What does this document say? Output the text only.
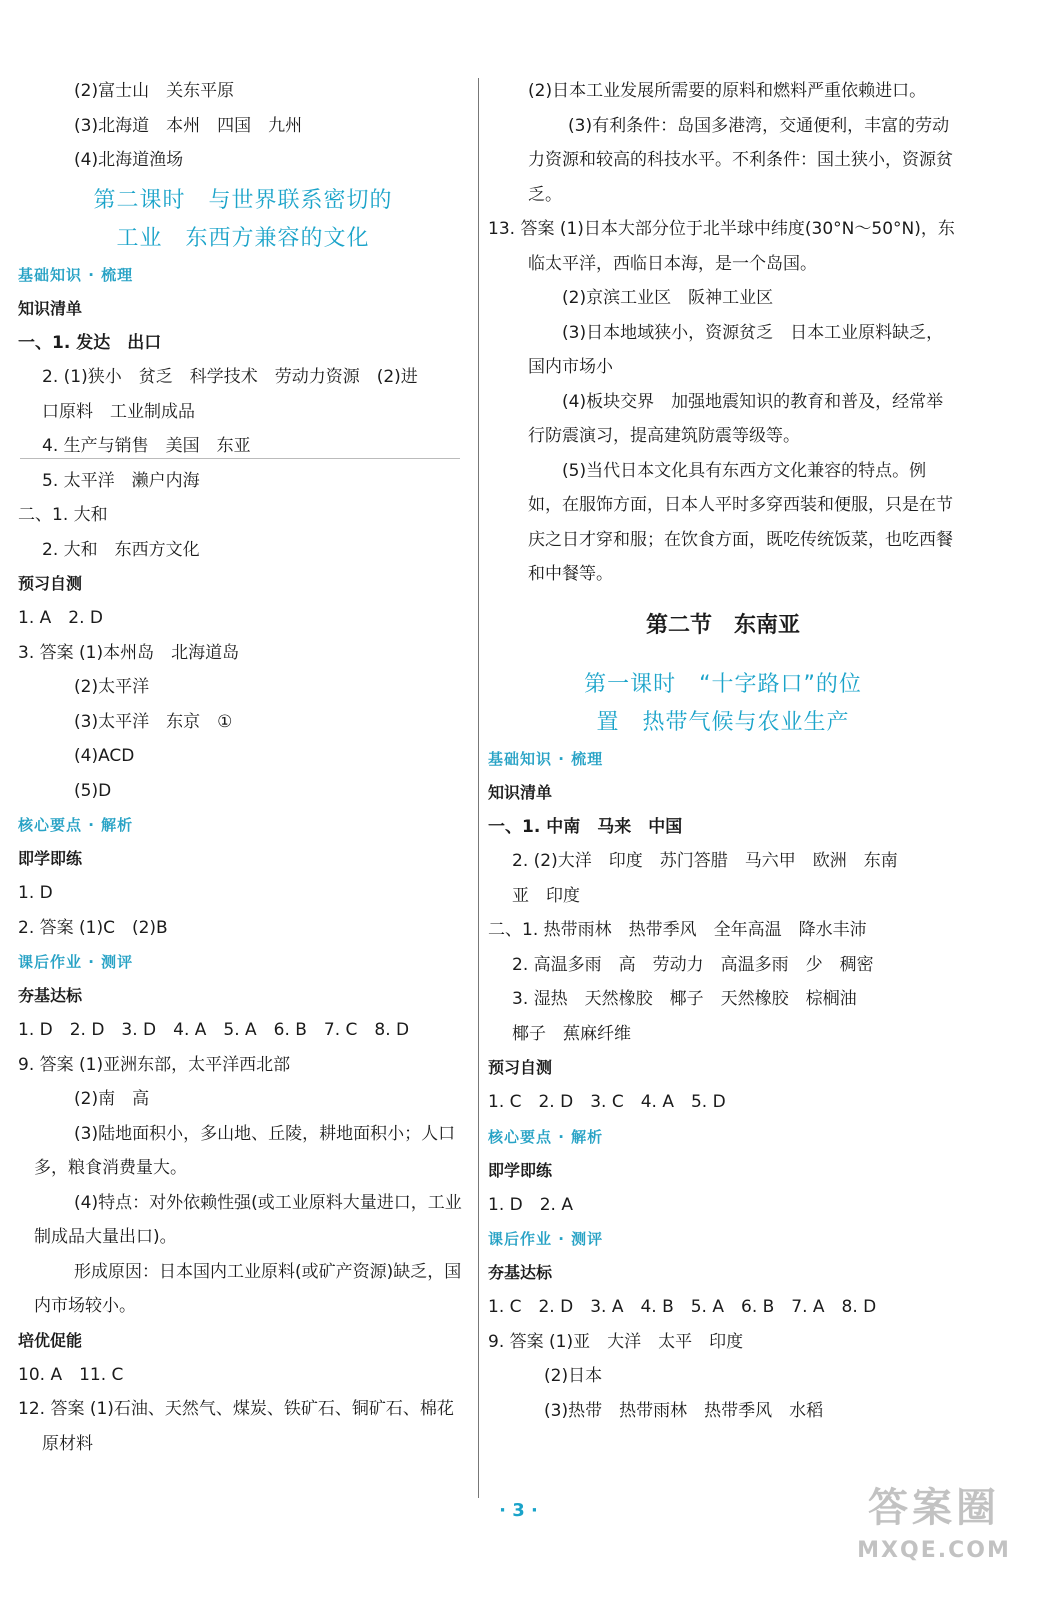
(2)富士山　关东平原
(3)北海道　本州　四国　九州
(4)北海道渔场
第二课时　与世界联系密切的
工业　东西方兼容的文化
基础知识 · 梳理
知识清单
一、1. 发达　出口
2. (1)狭小　贫乏　科学技术　劳动力资源　(2)进
口原料　工业制成品
4. 生产与销售　美国　东亚
5. 太平洋　濑户内海
二、1. 大和
2. 大和　东西方文化
预习自测
1. A　2. D
3. 答案 (1)本州岛　北海道岛
(2)太平洋
(3)太平洋　东京　①
(4)ACD
(5)D
核心要点 · 解析
即学即练
1. D
2. 答案 (1)C　(2)B
课后作业 · 测评
夯基达标
1. D　2. D　3. D　4. A　5. A　6. B　7. C　8. D
9. 答案 (1)亚洲东部，太平洋西北部
(2)南　高
(3)陆地面积小，多山地、丘陵，耕地面积小；人口多，粮食消费量大。
(4)特点：对外依赖性强(或工业原料大量进口，工业制成品大量出口)。
形成原因：日本国内工业原料(或矿产资源)缺乏，国内市场较小。
培优促能
10. A　11. C
12. 答案 (1)石油、天然气、煤炭、铁矿石、铜矿石、棉花
原材料
(2)日本工业发展所需要的原料和燃料严重依赖进口。
(3)有利条件：岛国多港湾，交通便利，丰富的劳动力资源和较高的科技水平。不利条件：国土狭小，资源贫乏。
13. 答案 (1)日本大部分位于北半球中纬度(30°N～50°N)，东临太平洋，西临日本海，是一个岛国。
(2)京滨工业区　阪神工业区
(3)日本地域狭小，资源贫乏　日本工业原料缺乏，国内市场小
(4)板块交界　加强地震知识的教育和普及，经常举行防震演习，提高建筑防震等级等。
(5)当代日本文化具有东西方文化兼容的特点。例如，在服饰方面，日本人平时多穿西装和便服，只是在节庆之日才穿和服；在饮食方面，既吃传统饭菜，也吃西餐和中餐等。
第二节　东南亚
第一课时　“十字路口”的位
置　热带气候与农业生产
基础知识 · 梳理
知识清单
一、1. 中南　马来　中国
2. (2)大洋　印度　苏门答腊　马六甲　欧洲　东南
亚　印度
二、1. 热带雨林　热带季风　全年高温　降水丰沛
2. 高温多雨　高　劳动力　高温多雨　少　稠密
3. 湿热　天然橡胶　椰子　天然橡胶　棕榈油
椰子　蕉麻纤维
预习自测
1. C　2. D　3. C　4. A　5. D
核心要点 · 解析
即学即练
1. D　2. A
课后作业 · 测评
夯基达标
1. C　2. D　3. A　4. B　5. A　6. B　7. A　8. D
9. 答案 (1)亚　大洋　太平　印度
(2)日本
(3)热带　热带雨林　热带季风　水稻
· 3 ·	答案圈
MXQE.COM
